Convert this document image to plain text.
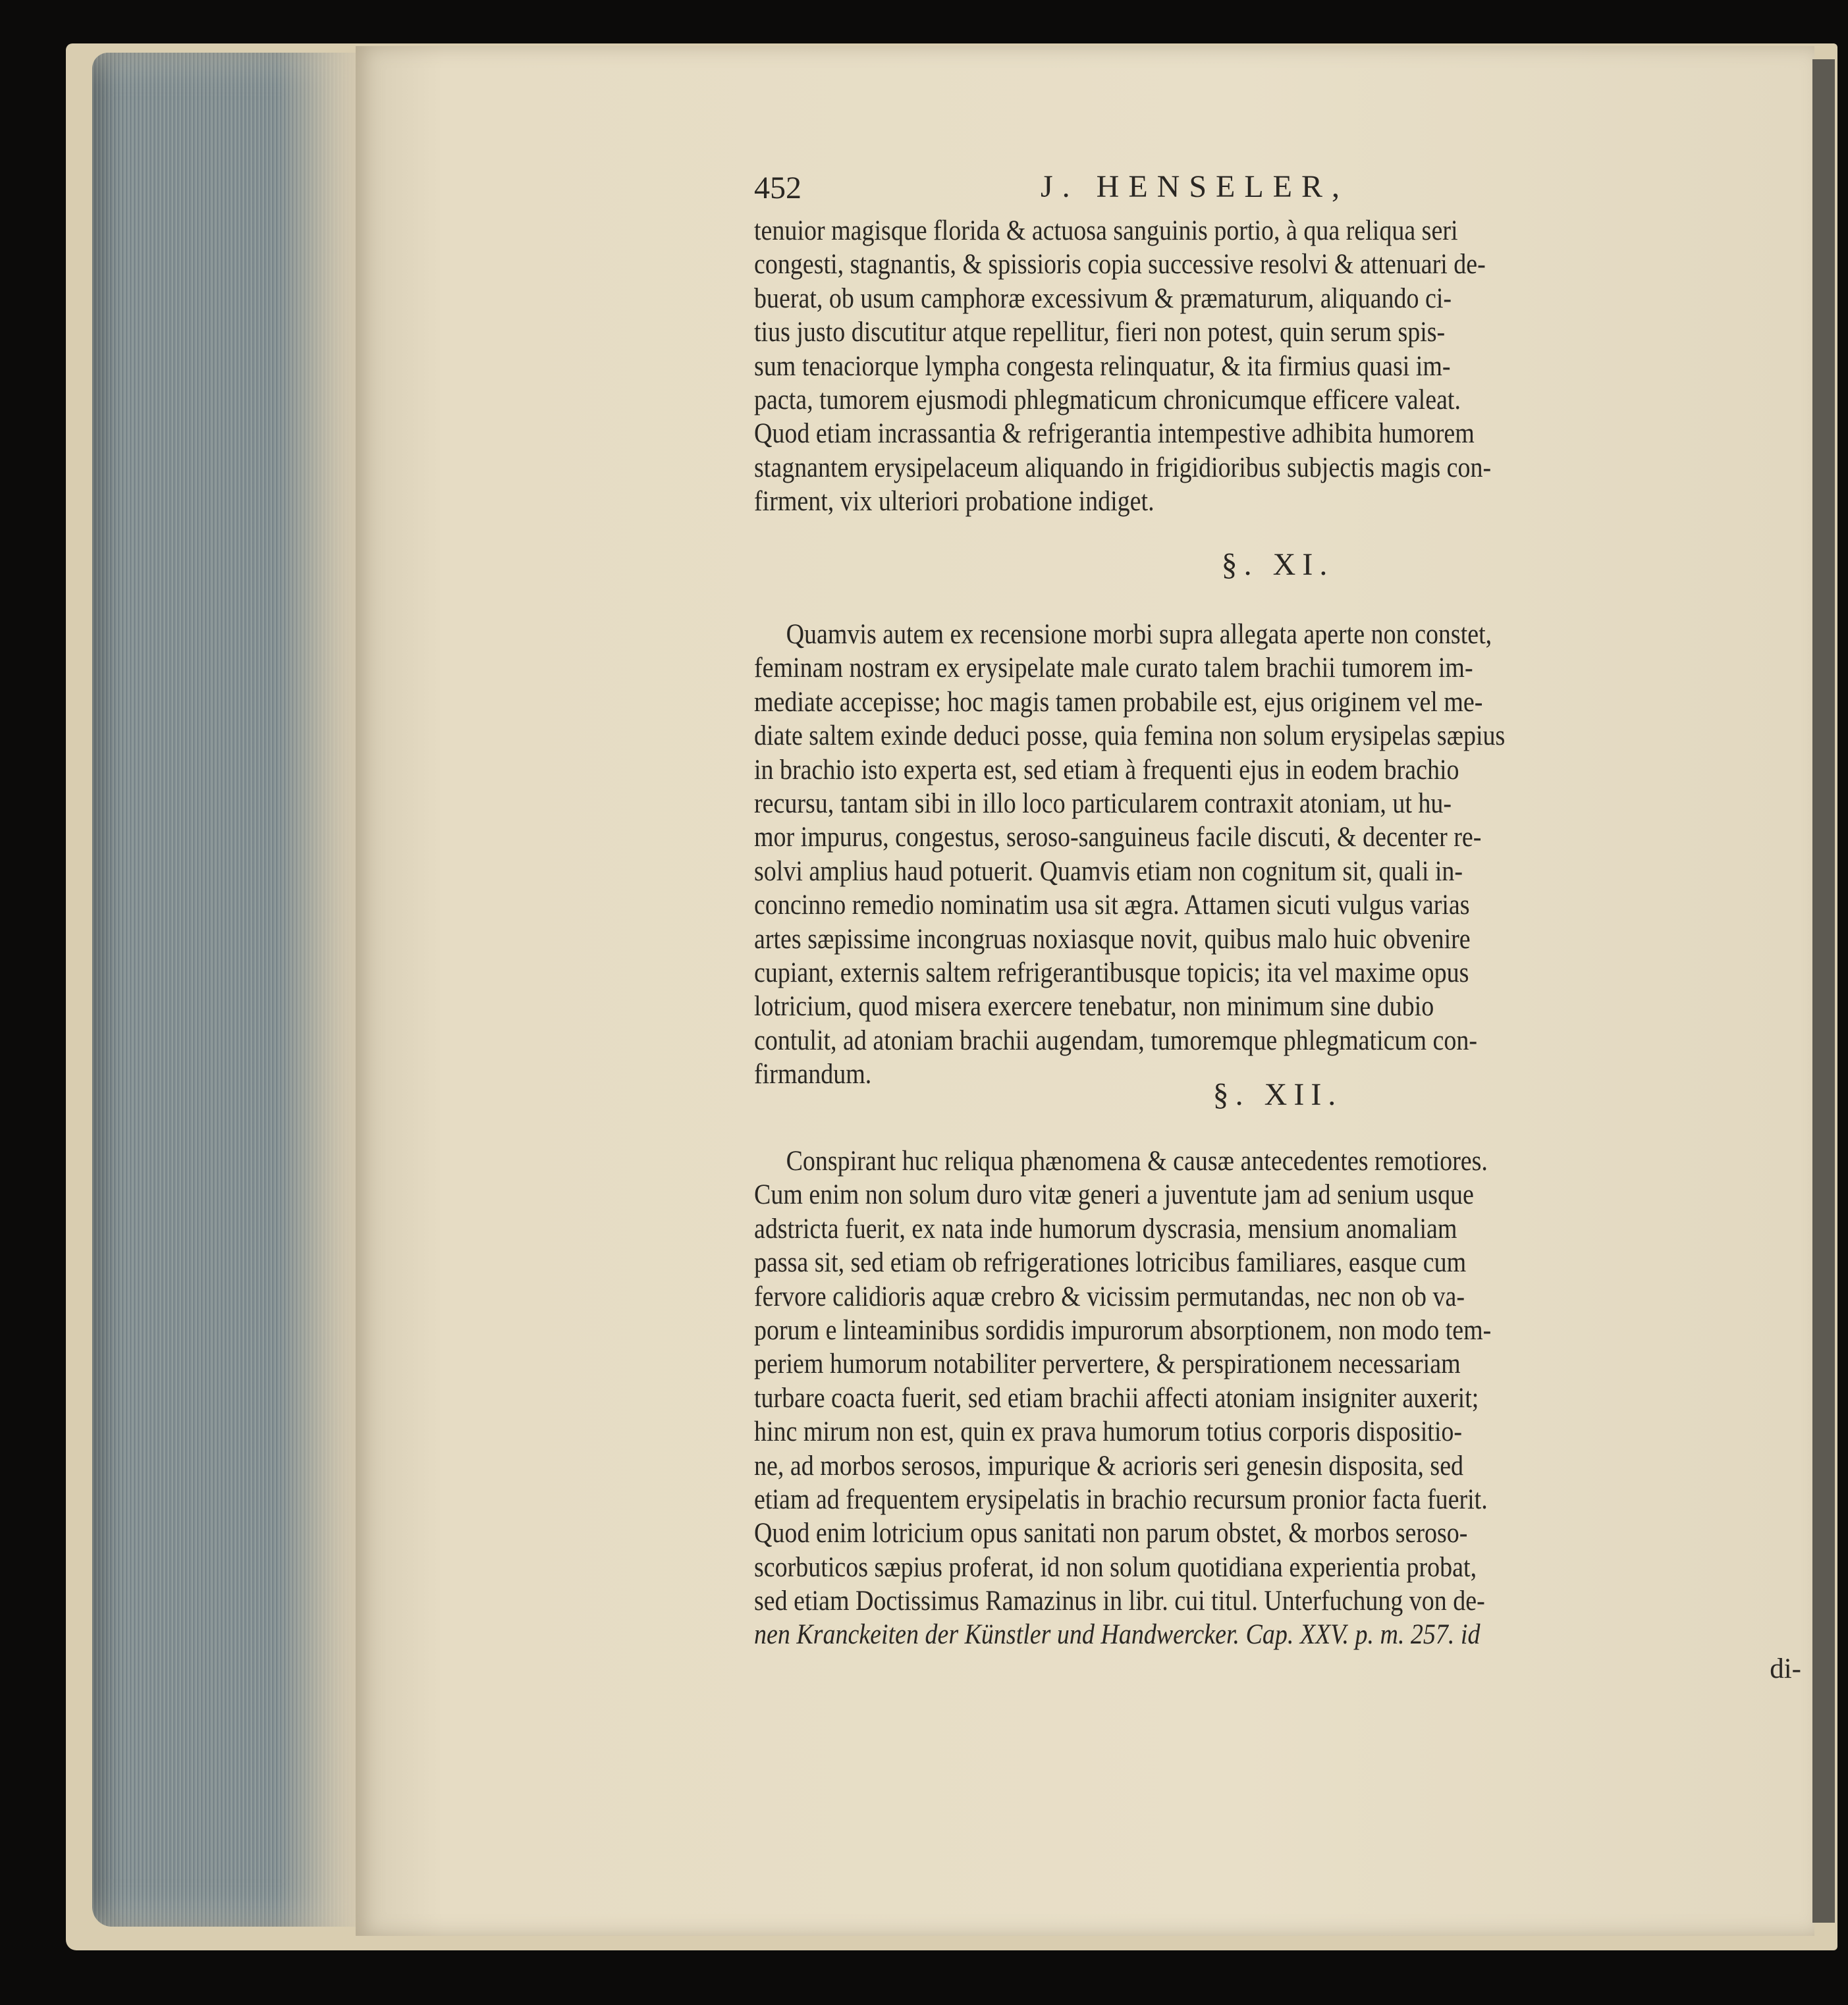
452	J. HENSELER,
tenuior magisque florida & actuosa sanguinis portio, à qua reliqua seri
congesti, stagnantis, & spissioris copia successive resolvi & attenuari de-
buerat, ob usum camphoræ excessivum & præmaturum, aliquando ci-
tius justo discutitur atque repellitur, fieri non potest, quin serum spis-
sum tenaciorque lympha congesta relinquatur, & ita firmius quasi im-
pacta, tumorem ejusmodi phlegmaticum chronicumque efficere valeat.
Quod etiam incrassantia & refrigerantia intempestive adhibita humorem
stagnantem erysipelaceum aliquando in frigidioribus subjectis magis con-
firment, vix ulteriori probatione indiget.
§. XI.
Quamvis autem ex recensione morbi supra allegata aperte non constet,
feminam nostram ex erysipelate male curato talem brachii tumorem im-
mediate accepisse; hoc magis tamen probabile est, ejus originem vel me-
diate saltem exinde deduci posse, quia femina non solum erysipelas sæpius
in brachio isto experta est, sed etiam à frequenti ejus in eodem brachio
recursu, tantam sibi in illo loco particularem contraxit atoniam, ut hu-
mor impurus, congestus, seroso-sanguineus facile discuti, & decenter re-
solvi amplius haud potuerit. Quamvis etiam non cognitum sit, quali in-
concinno remedio nominatim usa sit ægra. Attamen sicuti vulgus varias
artes sæpissime incongruas noxiasque novit, quibus malo huic obvenire
cupiant, externis saltem refrigerantibusque topicis; ita vel maxime opus
lotricium, quod misera exercere tenebatur, non minimum sine dubio
contulit, ad atoniam brachii augendam, tumoremque phlegmaticum con-
firmandum.
§. XII.
Conspirant huc reliqua phænomena & causæ antecedentes remotiores.
Cum enim non solum duro vitæ generi a juventute jam ad senium usque
adstricta fuerit, ex nata inde humorum dyscrasia, mensium anomaliam
passa sit, sed etiam ob refrigerationes lotricibus familiares, easque cum
fervore calidioris aquæ crebro & vicissim permutandas, nec non ob va-
porum e linteaminibus sordidis impurorum absorptionem, non modo tem-
periem humorum notabiliter pervertere, & perspirationem necessariam
turbare coacta fuerit, sed etiam brachii affecti atoniam insigniter auxerit;
hinc mirum non est, quin ex prava humorum totius corporis dispositio-
ne, ad morbos serosos, impurique & acrioris seri genesin disposita, sed
etiam ad frequentem erysipelatis in brachio recursum pronior facta fuerit.
Quod enim lotricium opus sanitati non parum obstet, & morbos seroso-
scorbuticos sæpius proferat, id non solum quotidiana experientia probat,
sed etiam Doctissimus Ramazinus in libr. cui titul. Unterfuchung von de-
nen Kranckeiten der Künstler und Handwercker. Cap. XXV. p. m. 257. id
di-
